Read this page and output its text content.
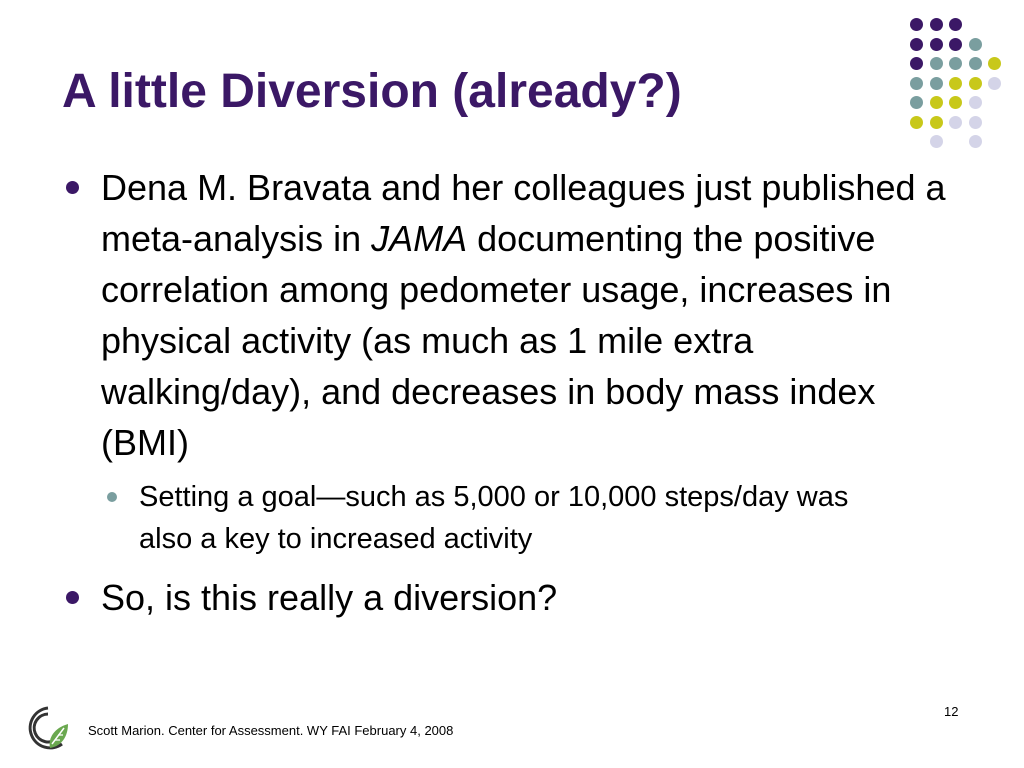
A little Diversion (already?)
Dena M. Bravata and her colleagues just published a meta-analysis in JAMA documenting the positive correlation among pedometer usage, increases in physical activity (as much as 1 mile extra walking/day), and decreases in body mass index (BMI)
Setting a goal—such as 5,000 or 10,000 steps/day was also a key to increased activity
So, is this really a diversion?
12
Scott Marion. Center for Assessment. WY FAI February 4, 2008
